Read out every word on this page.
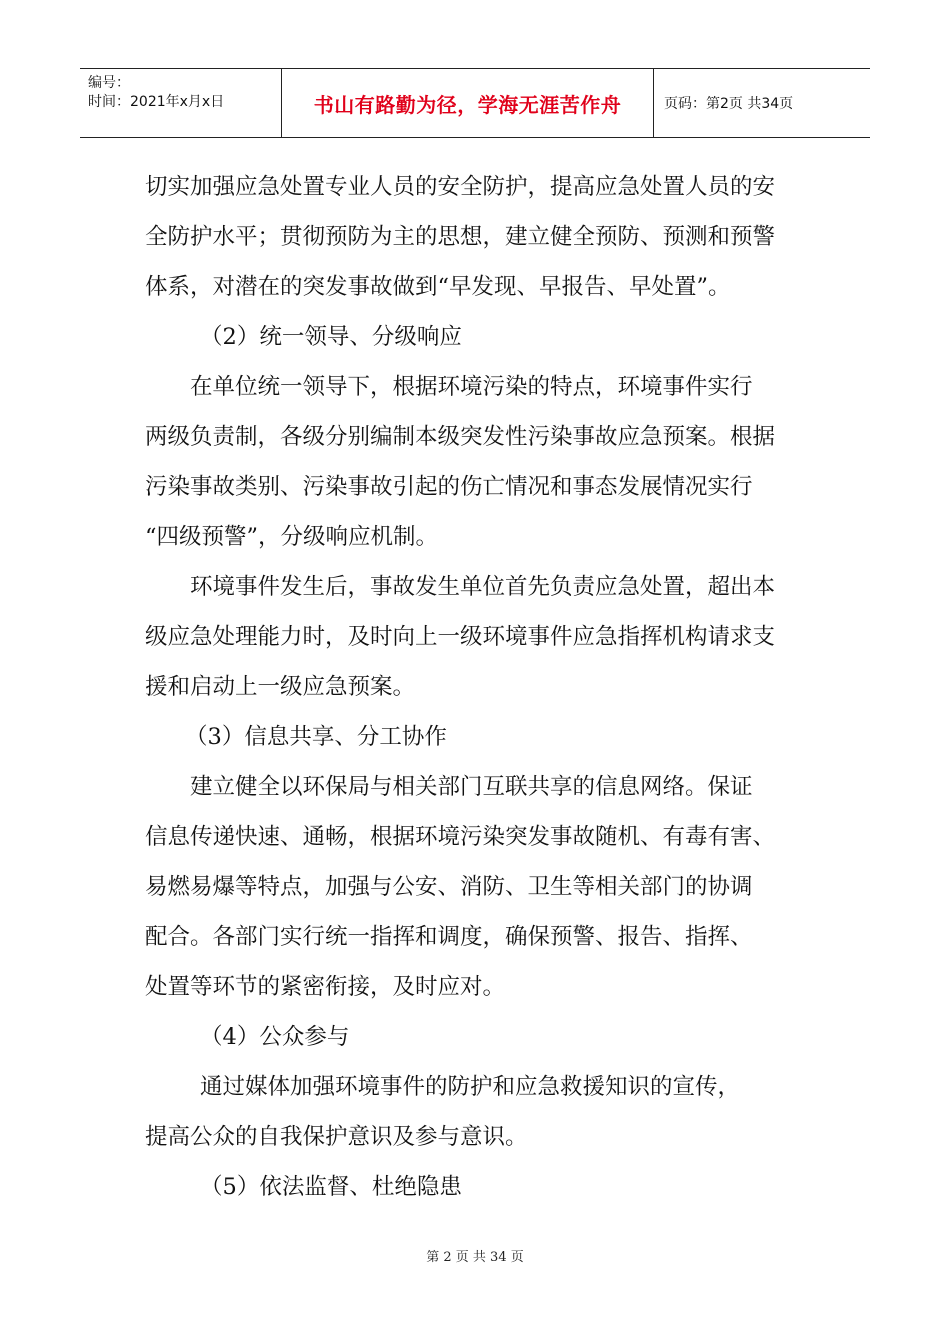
编号：
时间：2021年x月x日	书山有路勤为径，学海无涯苦作舟	页码：第2页 共34页

切实加强应急处置专业人员的安全防护，提高应急处置人员的安

全防护水平；贯彻预防为主的思想，建立健全预防、预测和预警

体系，对潜在的突发事故做到“早发现、早报告、早处置”。

（2）统一领导、分级响应

在单位统一领导下，根据环境污染的特点，环境事件实行

两级负责制，各级分别编制本级突发性污染事故应急预案。根据

污染事故类别、污染事故引起的伤亡情况和事态发展情况实行

“四级预警”，分级响应机制。

环境事件发生后，事故发生单位首先负责应急处置，超出本

级应急处理能力时，及时向上一级环境事件应急指挥机构请求支

援和启动上一级应急预案。

（3）信息共享、分工协作

建立健全以环保局与相关部门互联共享的信息网络。保证

信息传递快速、通畅，根据环境污染突发事故随机、有毒有害、

易燃易爆等特点，加强与公安、消防、卫生等相关部门的协调

配合。各部门实行统一指挥和调度，确保预警、报告、指挥、

处置等环节的紧密衔接，及时应对。

（4）公众参与

通过媒体加强环境事件的防护和应急救援知识的宣传，

提高公众的自我保护意识及参与意识。

（5）依法监督、杜绝隐患

第 2 页 共 34 页
